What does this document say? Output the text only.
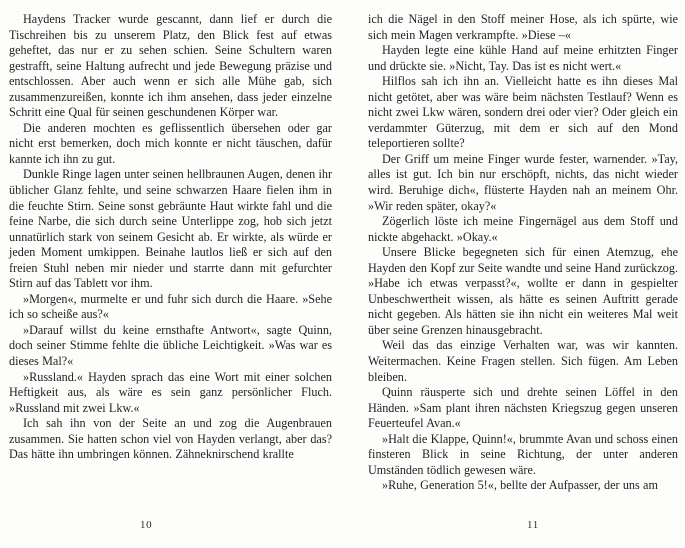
Haydens Tracker wurde gescannt, dann lief er durch die Tischreihen bis zu unserem Platz, den Blick fest auf etwas geheftet, das nur er zu sehen schien. Seine Schultern waren gestrafft, seine Haltung aufrecht und jede Bewegung präzise und entschlossen. Aber auch wenn er sich alle Mühe gab, sich zusammenzureißen, konnte ich ihm ansehen, dass jeder einzelne Schritt eine Qual für seinen geschundenen Körper war.

Die anderen mochten es geflissentlich übersehen oder gar nicht erst bemerken, doch mich konnte er nicht täuschen, dafür kannte ich ihn zu gut.

Dunkle Ringe lagen unter seinen hellbraunen Augen, denen ihr üblicher Glanz fehlte, und seine schwarzen Haare fielen ihm in die feuchte Stirn. Seine sonst gebräunte Haut wirkte fahl und die feine Narbe, die sich durch seine Unterlippe zog, hob sich jetzt unnatürlich stark von seinem Gesicht ab. Er wirkte, als würde er jeden Moment umkippen. Beinahe lautlos ließ er sich auf den freien Stuhl neben mir nieder und starrte dann mit gefurchter Stirn auf das Tablett vor ihm.

»Morgen«, murmelte er und fuhr sich durch die Haare. »Sehe ich so scheiße aus?«

»Darauf willst du keine ernsthafte Antwort«, sagte Quinn, doch seiner Stimme fehlte die übliche Leichtigkeit. »Was war es dieses Mal?«

»Russland.« Hayden sprach das eine Wort mit einer solchen Heftigkeit aus, als wäre es sein ganz persönlicher Fluch. »Russland mit zwei Lkw.«

Ich sah ihn von der Seite an und zog die Augenbrauen zusammen. Sie hatten schon viel von Hayden verlangt, aber das? Das hätte ihn umbringen können. Zähneknirschend krallte

10

ich die Nägel in den Stoff meiner Hose, als ich spürte, wie sich mein Magen verkrampfte. »Diese –«

Hayden legte eine kühle Hand auf meine erhitzten Finger und drückte sie. »Nicht, Tay. Das ist es nicht wert.«

Hilflos sah ich ihn an. Vielleicht hatte es ihn dieses Mal nicht getötet, aber was wäre beim nächsten Testlauf? Wenn es nicht zwei Lkw wären, sondern drei oder vier? Oder gleich ein verdammter Güterzug, mit dem er sich auf den Mond teleportieren sollte?

Der Griff um meine Finger wurde fester, warnender. »Tay, alles ist gut. Ich bin nur erschöpft, nichts, das nicht wieder wird. Beruhige dich«, flüsterte Hayden nah an meinem Ohr. »Wir reden später, okay?«

Zögerlich löste ich meine Fingernägel aus dem Stoff und nickte abgehackt. »Okay.«

Unsere Blicke begegneten sich für einen Atemzug, ehe Hayden den Kopf zur Seite wandte und seine Hand zurückzog. »Habe ich etwas verpasst?«, wollte er dann in gespielter Unbeschwertheit wissen, als hätte es seinen Auftritt gerade nicht gegeben. Als hätten sie ihn nicht ein weiteres Mal weit über seine Grenzen hinausgebracht.

Weil das das einzige Verhalten war, was wir kannten. Weitermachen. Keine Fragen stellen. Sich fügen. Am Leben bleiben.

Quinn räusperte sich und drehte seinen Löffel in den Händen. »Sam plant ihren nächsten Kriegszug gegen unseren Feuerteufel Avan.«

»Halt die Klappe, Quinn!«, brummte Avan und schoss einen finsteren Blick in seine Richtung, der unter anderen Umständen tödlich gewesen wäre.

»Ruhe, Generation 5!«, bellte der Aufpasser, der uns am

11
